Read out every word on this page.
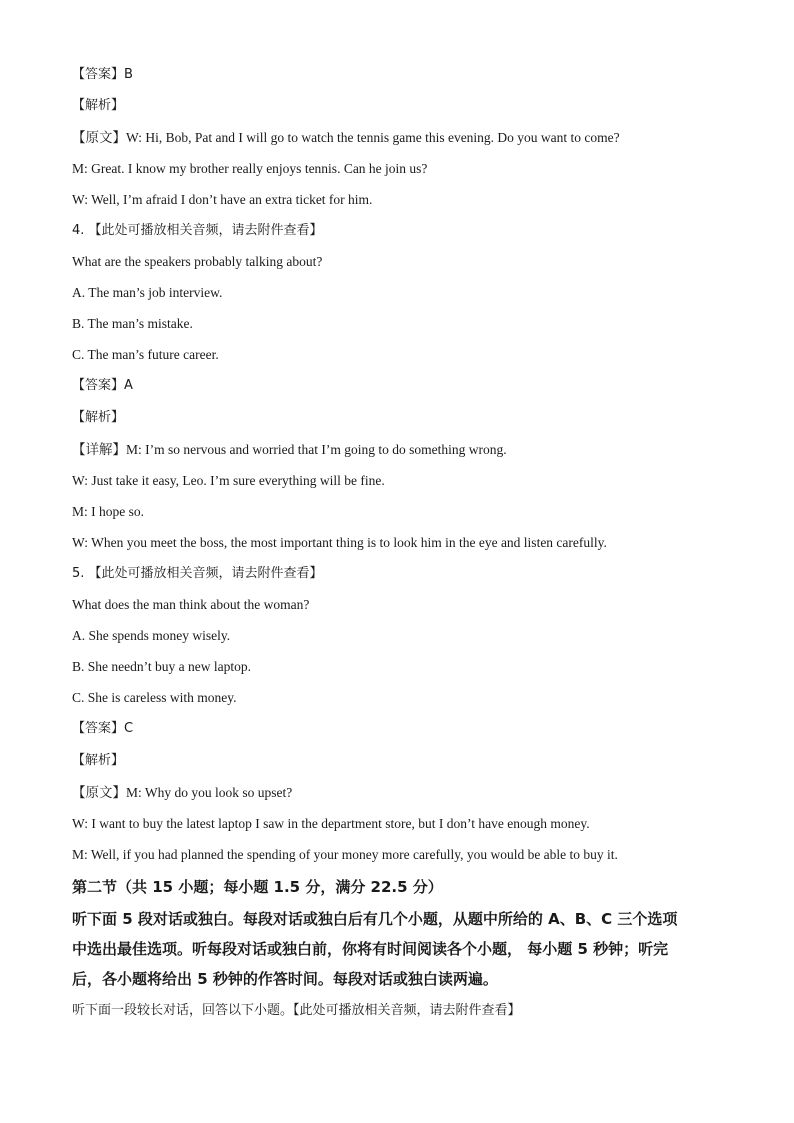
【答案】B
【解析】
【原文】W: Hi, Bob, Pat and I will go to watch the tennis game this evening. Do you want to come?
M: Great. I know my brother really enjoys tennis. Can he join us?
W: Well, I’m afraid I don’t have an extra ticket for him.
4. 【此处可播放相关音频，请去附件查看】
What are the speakers probably talking about?
A. The man’s job interview.
B. The man’s mistake.
C. The man’s future career.
【答案】A
【解析】
【详解】M: I’m so nervous and worried that I’m going to do something wrong.
W: Just take it easy, Leo. I’m sure everything will be fine.
M: I hope so.
W: When you meet the boss, the most important thing is to look him in the eye and listen carefully.
5. 【此处可播放相关音频，请去附件查看】
What does the man think about the woman?
A. She spends money wisely.
B. She needn’t buy a new laptop.
C. She is careless with money.
【答案】C
【解析】
【原文】M: Why do you look so upset?
W: I want to buy the latest laptop I saw in the department store, but I don’t have enough money.
M: Well, if you had planned the spending of your money more carefully, you would be able to buy it.
第二节（共 15 小题；每小题 1.5 分，满分 22.5 分）
听下面 5 段对话或独白。每段对话或独白后有几个小题，从题中所给的 A、B、C 三个选项
中选出最佳选项。听每段对话或独白前，你将有时间阅读各个小题， 每小题 5 秒钟；听完
后，各小题将给出 5 秒钟的作答时间。每段对话或独白读两遍。
听下面一段较长对话，回答以下小题。【此处可播放相关音频，请去附件查看】
